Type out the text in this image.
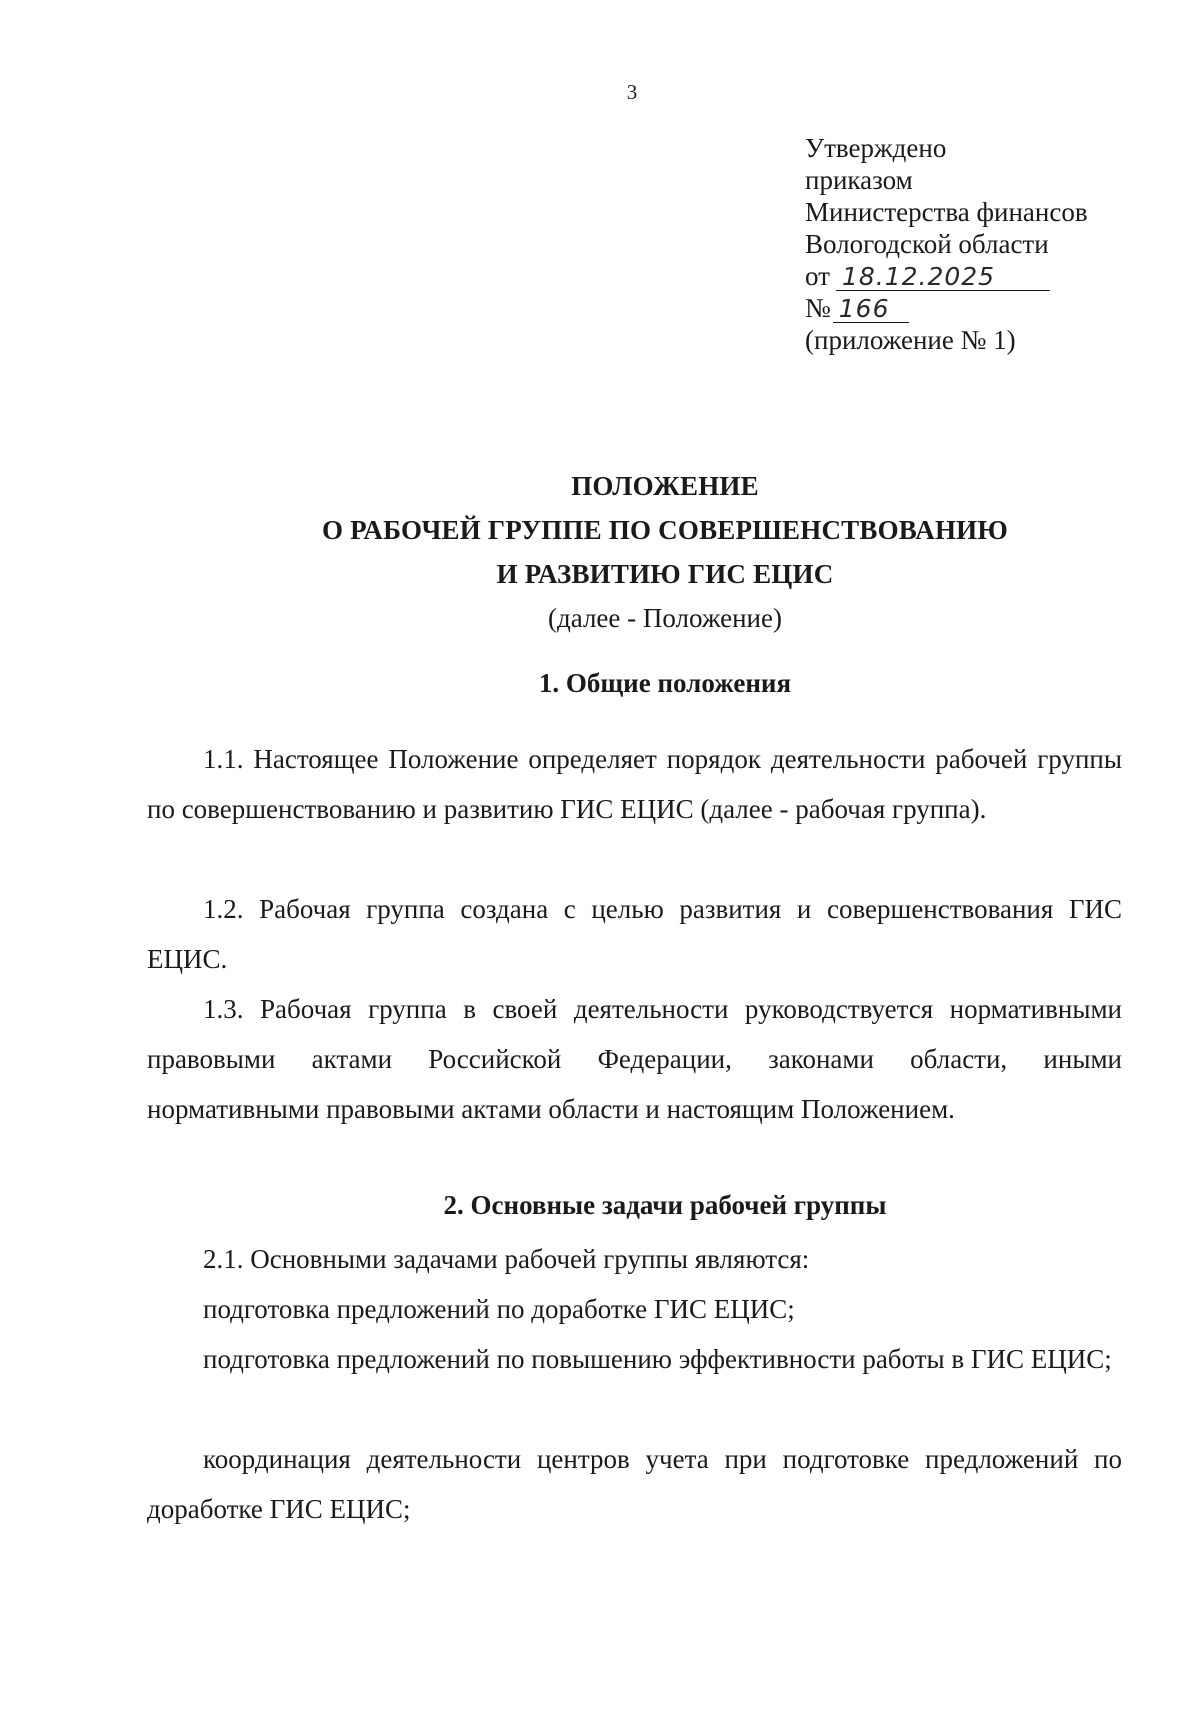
3
Утверждено
приказом
Министерства финансов
Вологодской области
от 18.12.2025
№ 166
(приложение № 1)
ПОЛОЖЕНИЕ
О РАБОЧЕЙ ГРУППЕ ПО СОВЕРШЕНСТВОВАНИЮ
И РАЗВИТИЮ ГИС ЕЦИС
(далее - Положение)
1. Общие положения
1.1. Настоящее Положение определяет порядок деятельности рабочей группы по совершенствованию и развитию ГИС ЕЦИС (далее - рабочая группа).
1.2. Рабочая группа создана с целью развития и совершенствования ГИС ЕЦИС.
1.3. Рабочая группа в своей деятельности руководствуется нормативными правовыми актами Российской Федерации, законами области, иными нормативными правовыми актами области и настоящим Положением.
2. Основные задачи рабочей группы
2.1. Основными задачами рабочей группы являются:
подготовка предложений по доработке ГИС ЕЦИС;
подготовка предложений по повышению эффективности работы в ГИС ЕЦИС;
координация деятельности центров учета при подготовке предложений по доработке ГИС ЕЦИС;
